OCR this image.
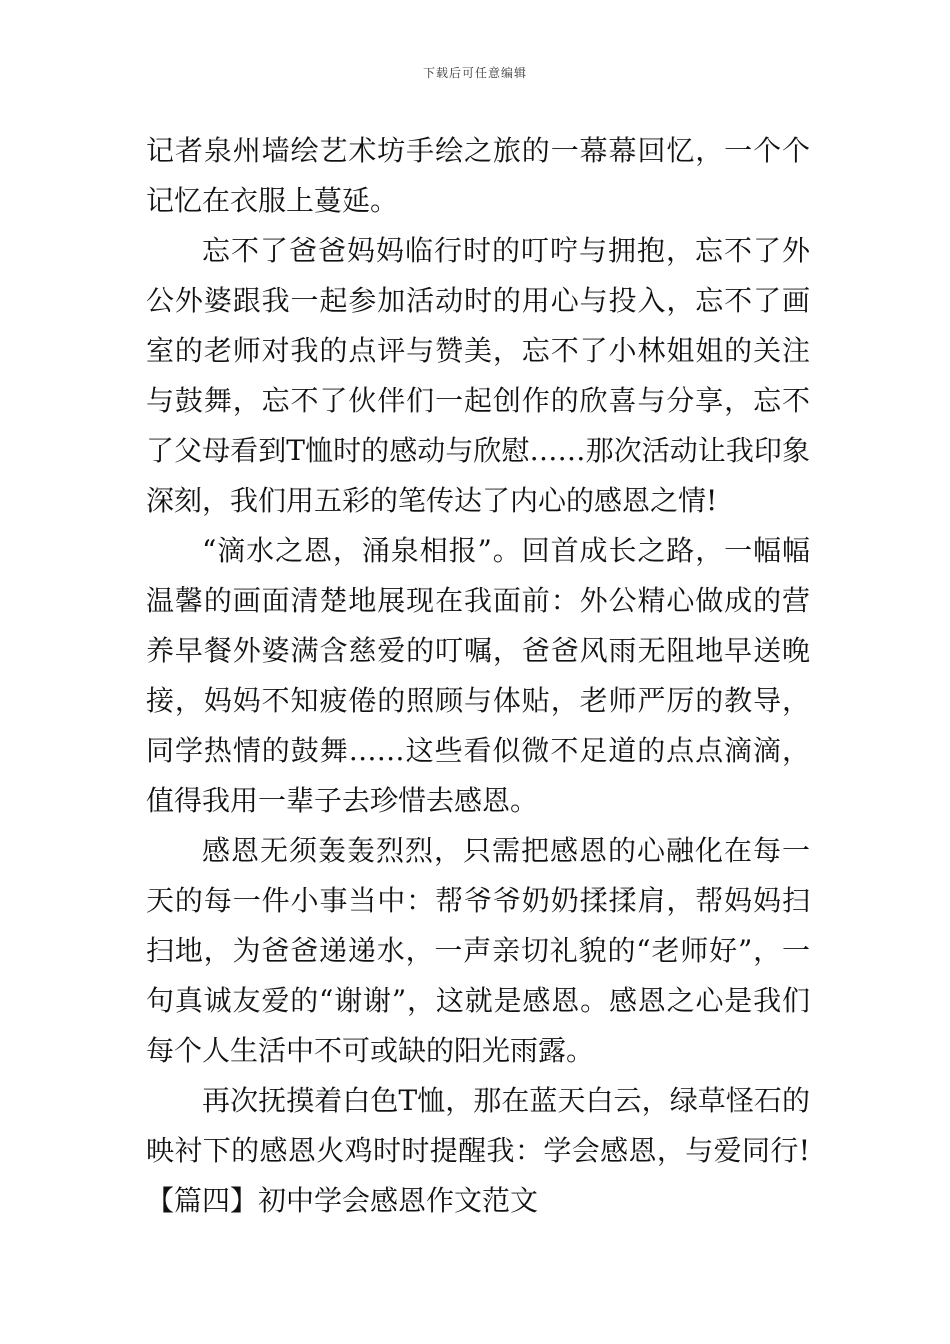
下载后可任意编辑

记者泉州墙绘艺术坊手绘之旅的一幕幕回忆，一个个记忆在衣服上蔓延。

忘不了爸爸妈妈临行时的叮咛与拥抱，忘不了外公外婆跟我一起参加活动时的用心与投入，忘不了画室的老师对我的点评与赞美，忘不了小林姐姐的关注与鼓舞，忘不了伙伴们一起创作的欣喜与分享，忘不了父母看到T恤时的感动与欣慰……那次活动让我印象深刻，我们用五彩的笔传达了内心的感恩之情!

“滴水之恩，涌泉相报”。回首成长之路，一幅幅温馨的画面清楚地展现在我面前：外公精心做成的营养早餐外婆满含慈爱的叮嘱，爸爸风雨无阻地早送晚接，妈妈不知疲倦的照顾与体贴，老师严厉的教导，同学热情的鼓舞……这些看似微不足道的点点滴滴，值得我用一辈子去珍惜去感恩。

感恩无须轰轰烈烈，只需把感恩的心融化在每一天的每一件小事当中：帮爷爷奶奶揉揉肩，帮妈妈扫扫地，为爸爸递递水，一声亲切礼貌的“老师好”，一句真诚友爱的“谢谢”，这就是感恩。感恩之心是我们每个人生活中不可或缺的阳光雨露。

再次抚摸着白色T恤，那在蓝天白云，绿草怪石的映衬下的感恩火鸡时时提醒我：学会感恩，与爱同行!【篇四】初中学会感恩作文范文
